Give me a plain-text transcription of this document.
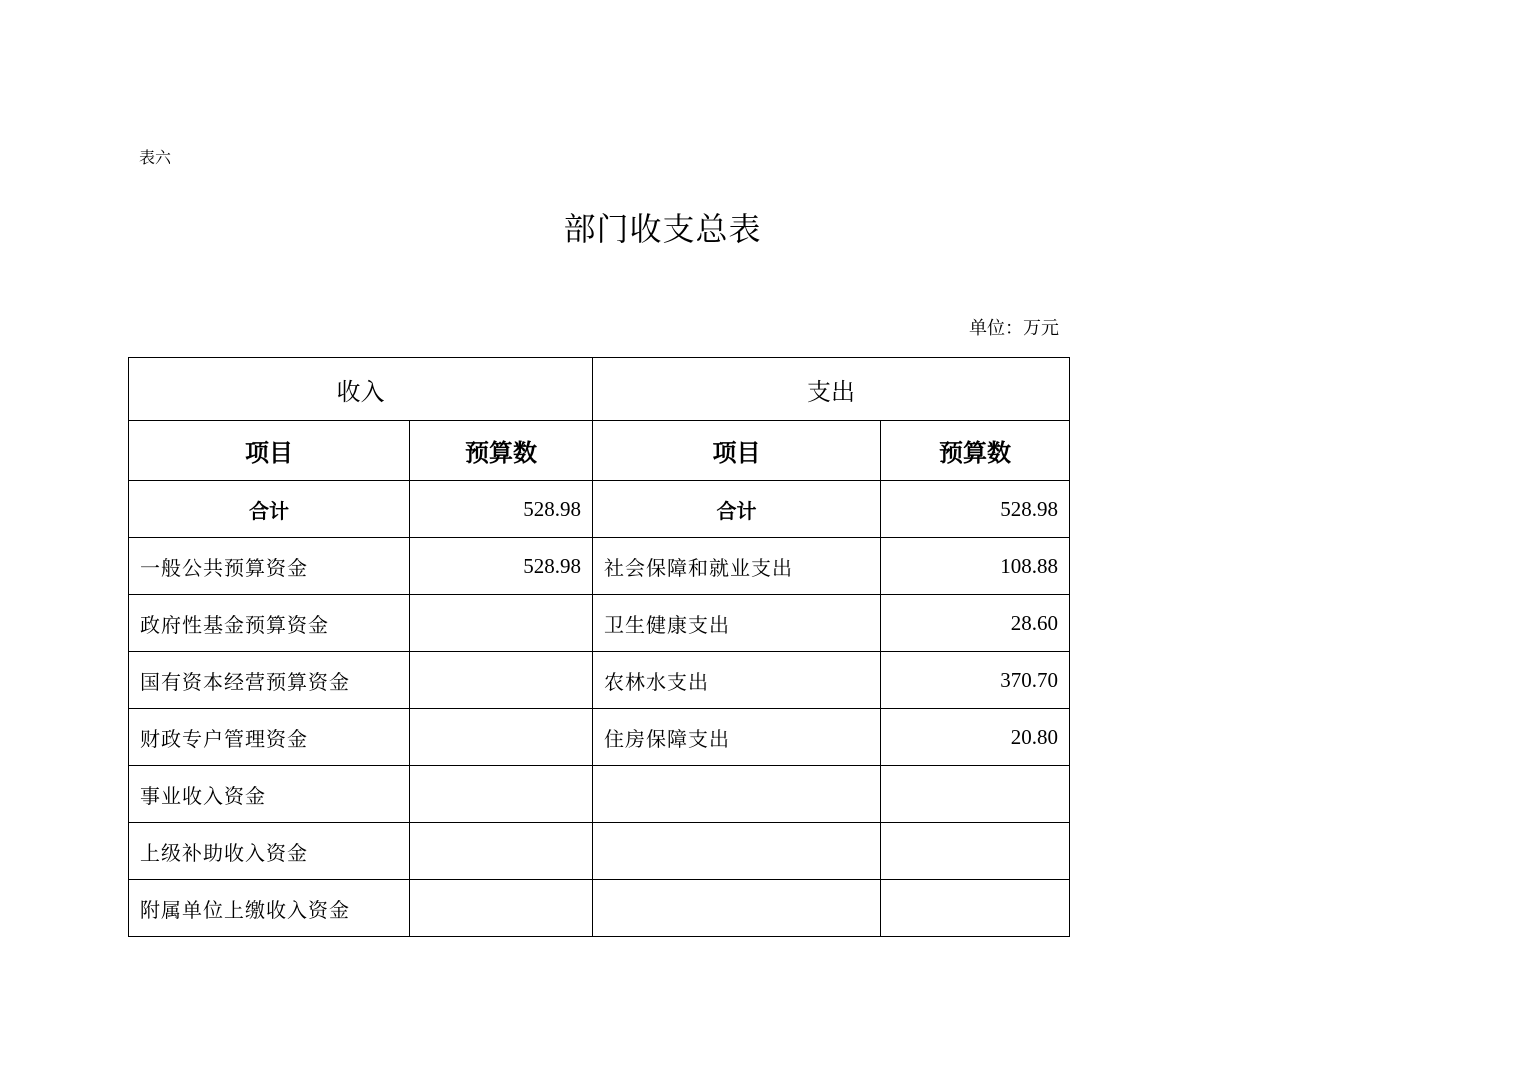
表六
部门收支总表
单位：万元
收入		支出	
项目	预算数	项目	预算数
合计	528.98	合计	528.98
一般公共预算资金	528.98	社会保障和就业支出	108.88
政府性基金预算资金		卫生健康支出	28.60
国有资本经营预算资金		农林水支出	370.70
财政专户管理资金		住房保障支出	20.80
事业收入资金			
上级补助收入资金			
附属单位上缴收入资金			
